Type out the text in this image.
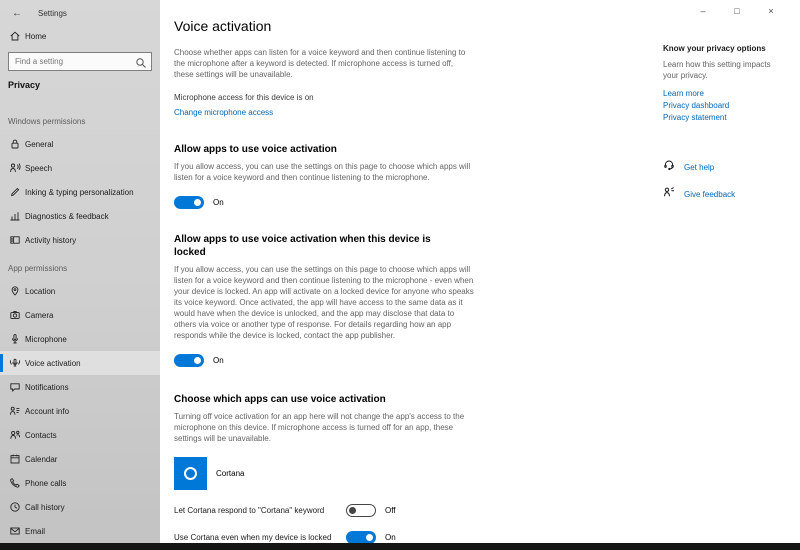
← Settings
Home
Find a setting
Privacy
Windows permissions
General
Speech
Inking & typing personalization
Diagnostics & feedback
Activity history
App permissions
Location
Camera
Microphone
Voice activation
Notifications
Account info
Contacts
Calendar
Phone calls
Call history
Email
–	□	×
Voice activation

Choose whether apps can listen for a voice keyword and then continue listening to the microphone after a keyword is detected. If microphone access is turned off, these settings will be unavailable.

Microphone access for this device is on
Change microphone access
Allow apps to use voice activation

If you allow access, you can use the settings on this page to choose which apps will listen for a voice keyword and then continue listening to the microphone.

On
Allow apps to use voice activation when this device is locked

If you allow access, you can use the settings on this page to choose which apps will listen for a voice keyword and then continue listening to the microphone - even when your device is locked. An app will activate on a locked device for anyone who speaks its voice keyword. Once activated, the app will have access to the same data as it would have when the device is unlocked, and the app may disclose that data to others via voice or another type of response. For details regarding how an app responds while the device is locked, contact the app publisher.

On
Choose which apps can use voice activation

Turning off voice activation for an app here will not change the app's access to the microphone on this device. If microphone access is turned off for an app, these settings will be unavailable.

Cortana
Let Cortana respond to "Cortana" keyword	Off
Use Cortana even when my device is locked	On
Know your privacy options

Learn how this setting impacts your privacy.

Learn more
Privacy dashboard
Privacy statement
Get help
Give feedback
